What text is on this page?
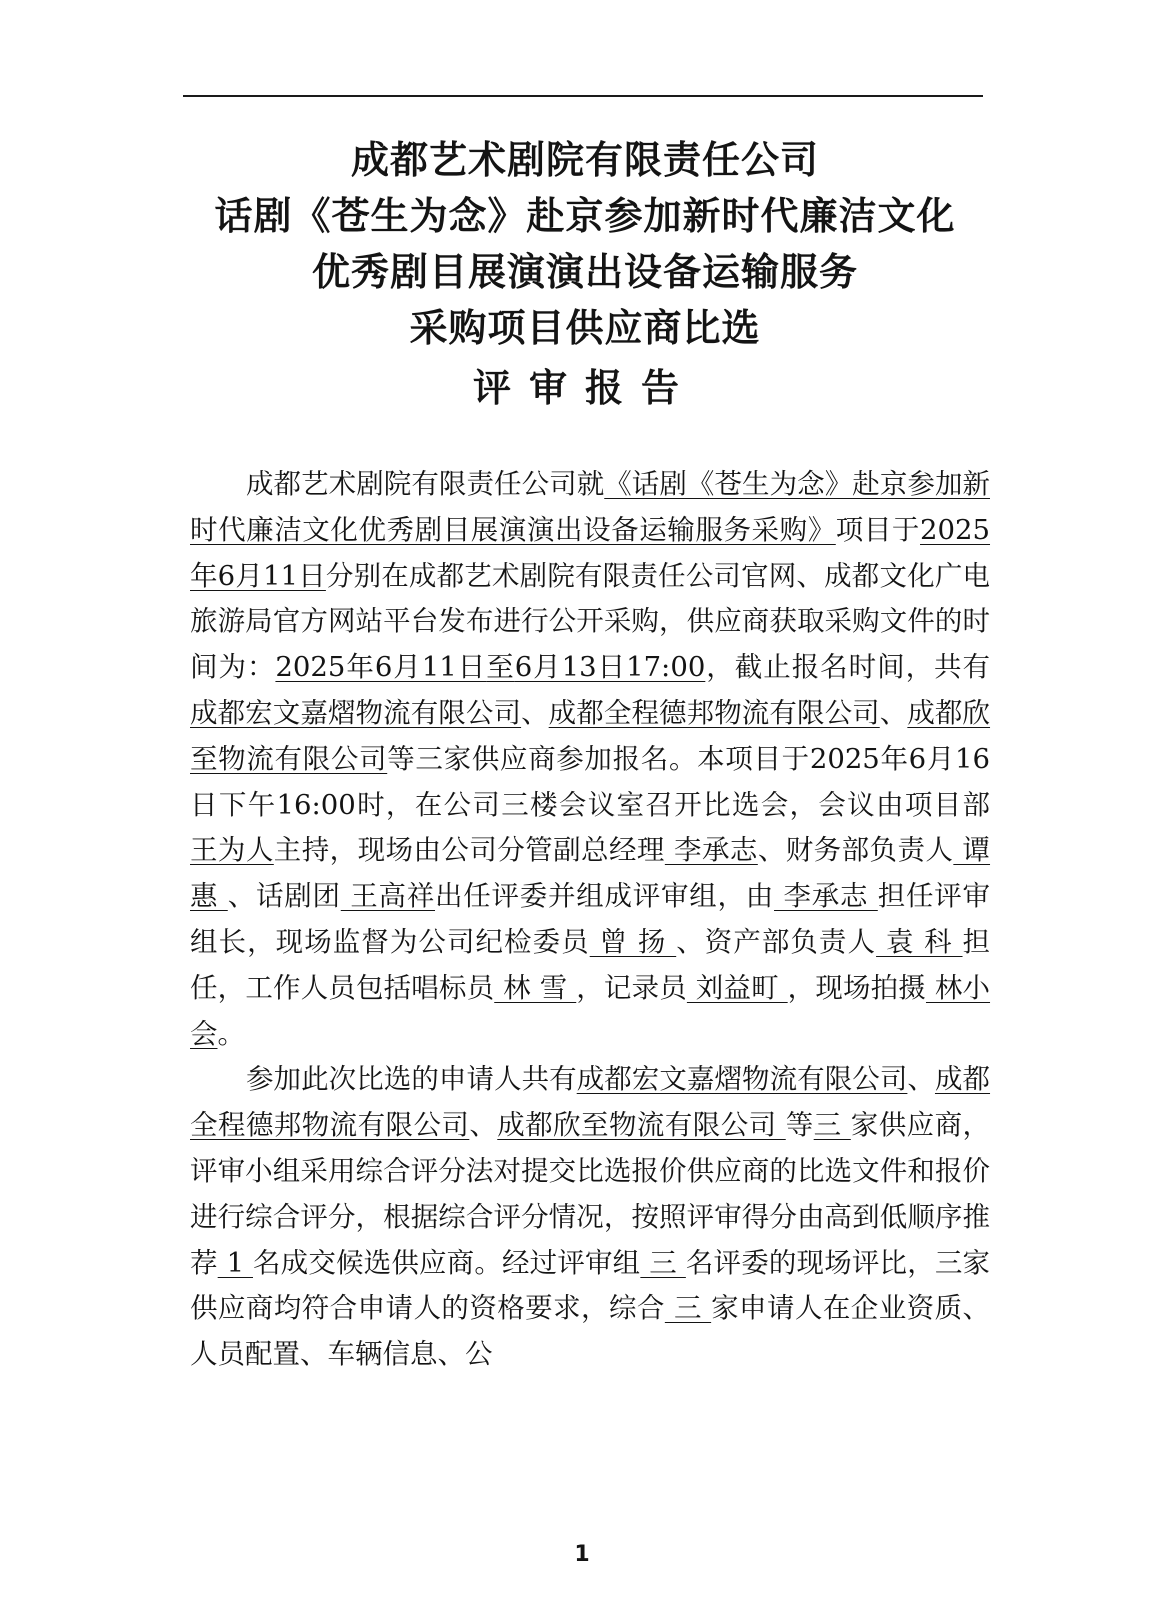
成都艺术剧院有限责任公司
话剧《苍生为念》赴京参加新时代廉洁文化
优秀剧目展演演出设备运输服务
采购项目供应商比选
评审报告

成都艺术剧院有限责任公司就《话剧《苍生为念》赴京参加新时代廉洁文化优秀剧目展演演出设备运输服务采购》项目于2025年6月11日分别在成都艺术剧院有限责任公司官网、成都文化广电旅游局官方网站平台发布进行公开采购，供应商获取采购文件的时间为：2025年6月11日至6月13日17:00，截止报名时间，共有成都宏文嘉熠物流有限公司、成都全程德邦物流有限公司、成都欣至物流有限公司等三家供应商参加报名。本项目于2025年6月16日下午16:00时，在公司三楼会议室召开比选会，会议由项目部 王为人主持，现场由公司分管副总经理 李承志、财务部负责人 谭 惠 、话剧团 王高祥出任评委并组成评审组，由 李承志 担任评审组长，现场监督为公司纪检委员 曾 扬 、资产部负责人 袁 科 担任，工作人员包括唱标员 林 雪 ，记录员 刘益町 ，现场拍摄 林小会。

参加此次比选的申请人共有成都宏文嘉熠物流有限公司、成都全程德邦物流有限公司、成都欣至物流有限公司 等三 家供应商，评审小组采用综合评分法对提交比选报价供应商的比选文件和报价进行综合评分，根据综合评分情况，按照评审得分由高到低顺序推荐 1 名成交候选供应商。经过评审组 三 名评委的现场评比，三家供应商均符合申请人的资格要求，综合 三 家申请人在企业资质、人员配置、车辆信息、公

1
